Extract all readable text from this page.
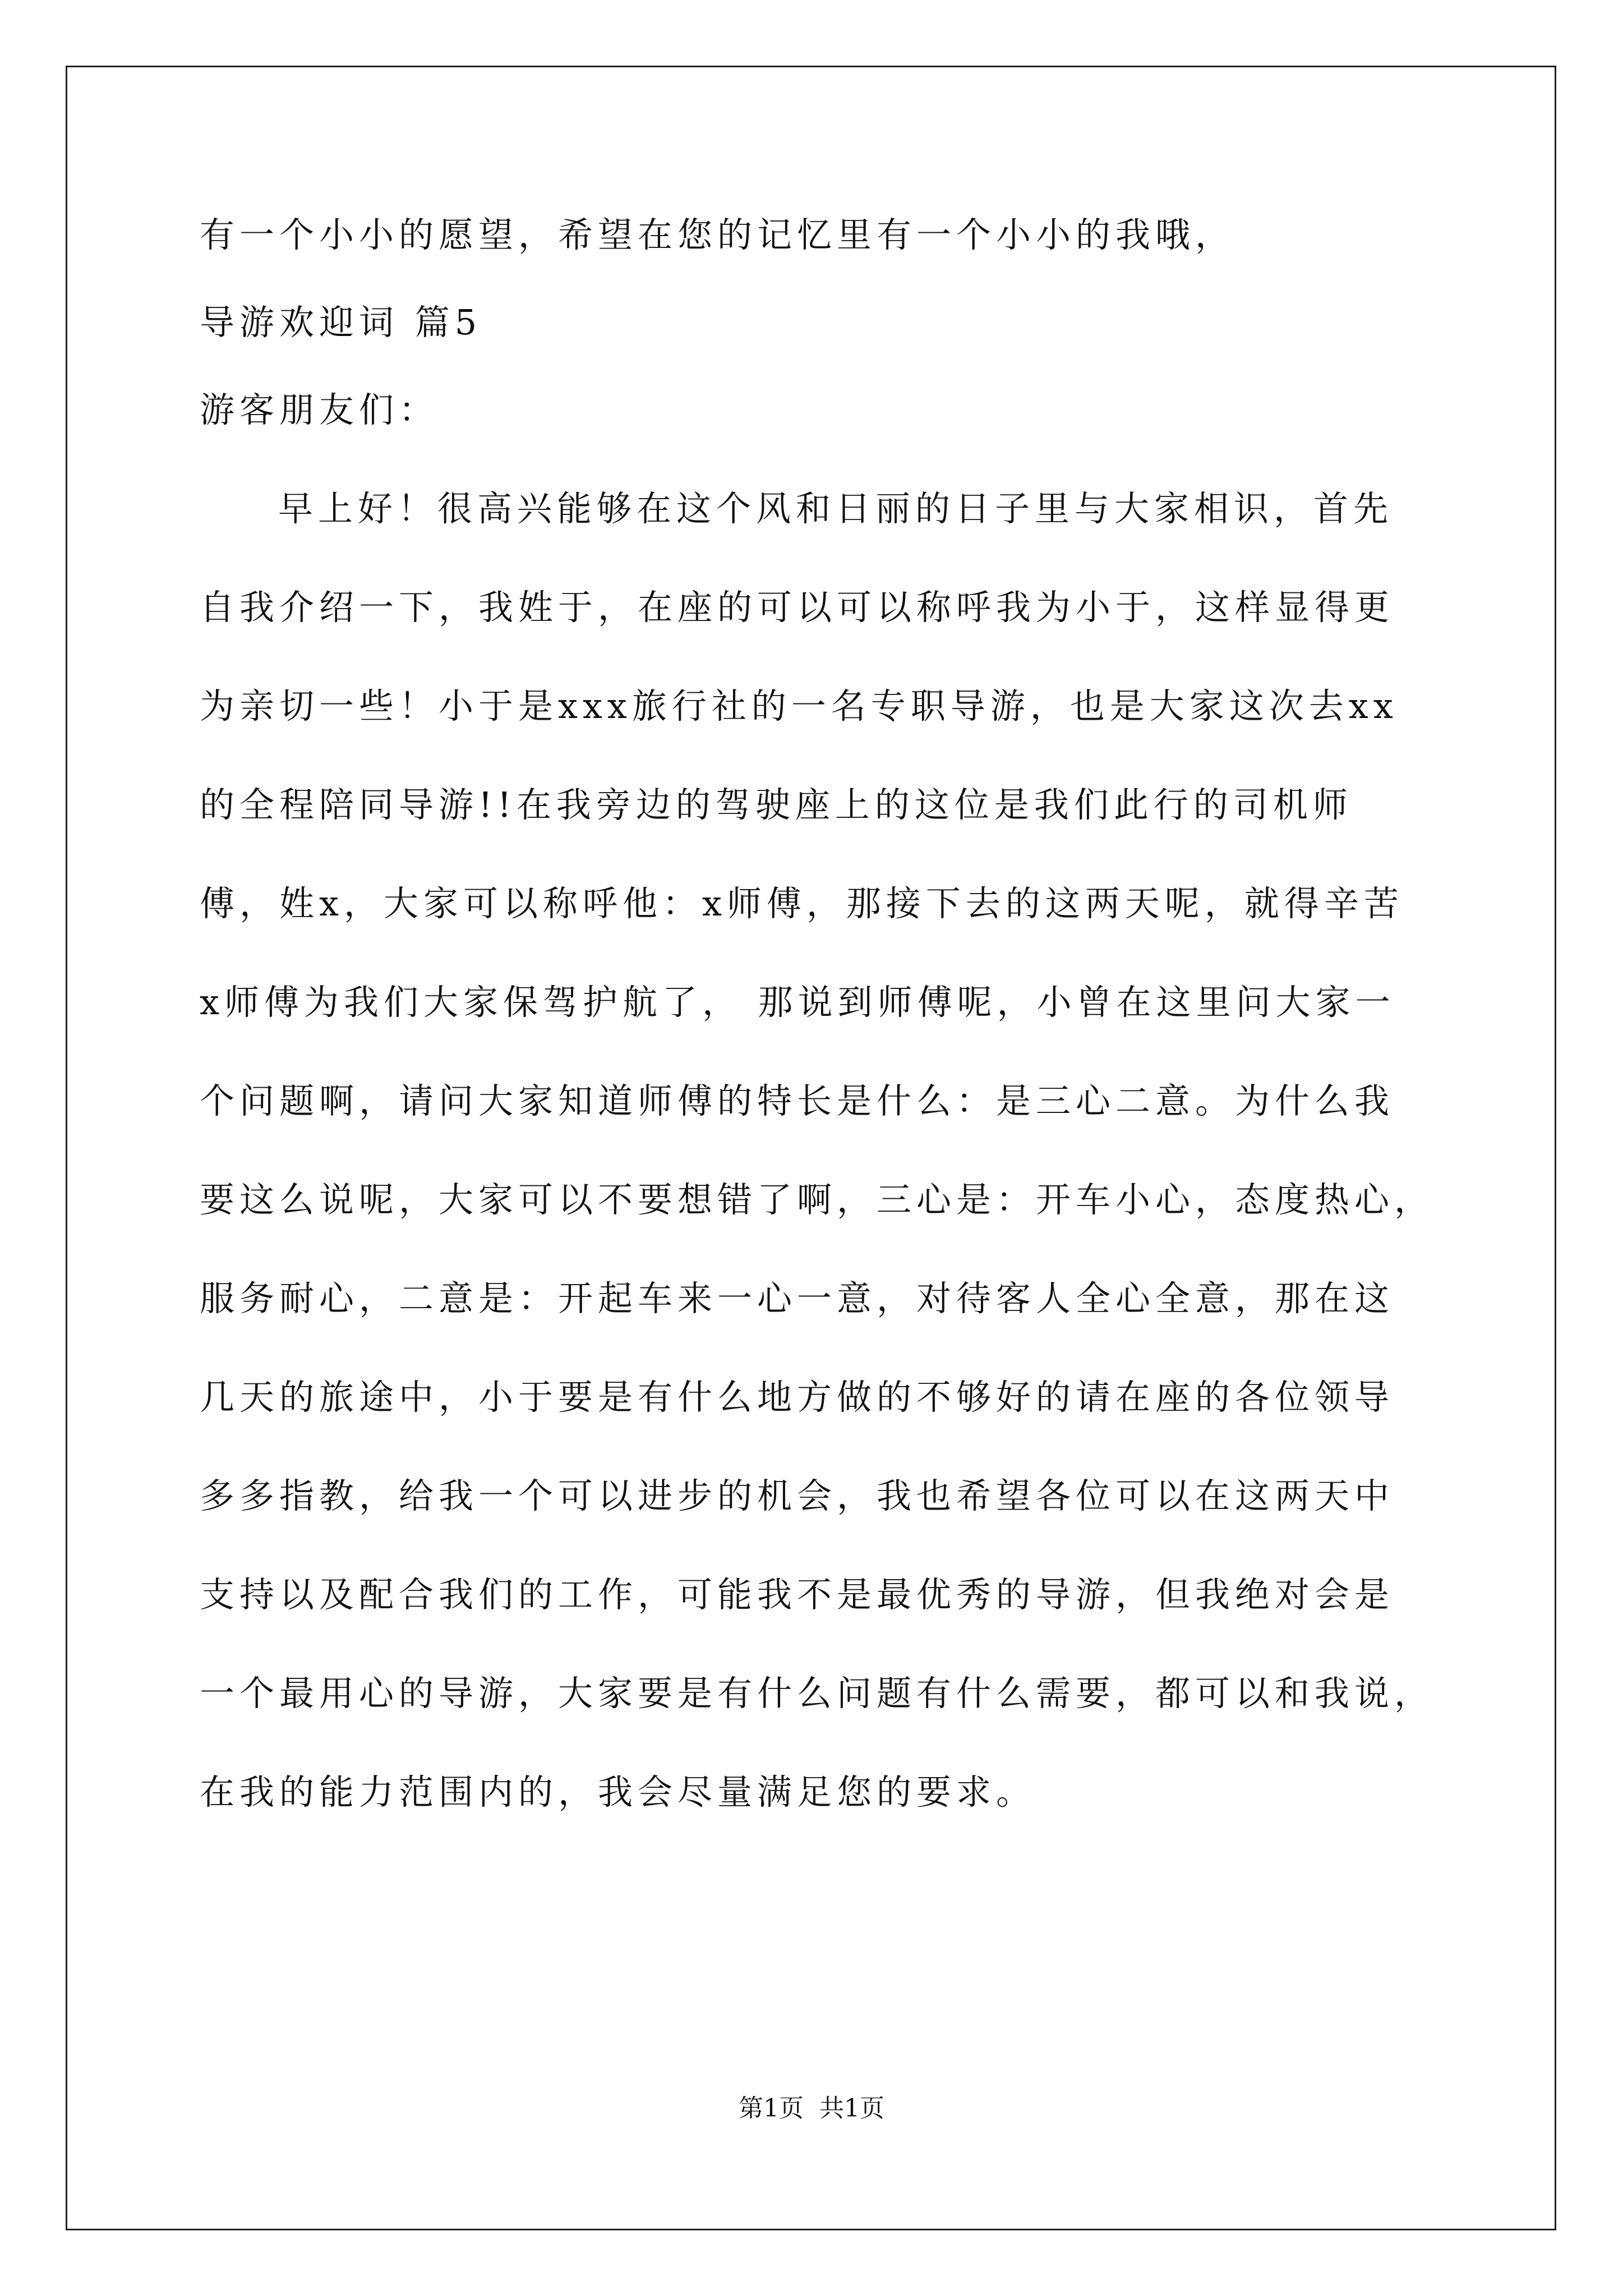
有一个小小的愿望，希望在您的记忆里有一个小小的我哦，
导游欢迎词 篇5
游客朋友们：
早上好！很高兴能够在这个风和日丽的日子里与大家相识，首先
自我介绍一下，我姓于，在座的可以可以称呼我为小于，这样显得更
为亲切一些！小于是xxx旅行社的一名专职导游，也是大家这次去xx
的全程陪同导游!!在我旁边的驾驶座上的这位是我们此行的司机师
傅，姓x，大家可以称呼他：x师傅，那接下去的这两天呢，就得辛苦
x师傅为我们大家保驾护航了， 那说到师傅呢，小曾在这里问大家一
个问题啊，请问大家知道师傅的特长是什么：是三心二意。为什么我
要这么说呢，大家可以不要想错了啊，三心是：开车小心，态度热心，
服务耐心，二意是：开起车来一心一意，对待客人全心全意，那在这
几天的旅途中，小于要是有什么地方做的不够好的请在座的各位领导
多多指教，给我一个可以进步的机会，我也希望各位可以在这两天中
支持以及配合我们的工作，可能我不是最优秀的导游，但我绝对会是
一个最用心的导游，大家要是有什么问题有什么需要，都可以和我说，
在我的能力范围内的，我会尽量满足您的要求。
第1页  共1页
